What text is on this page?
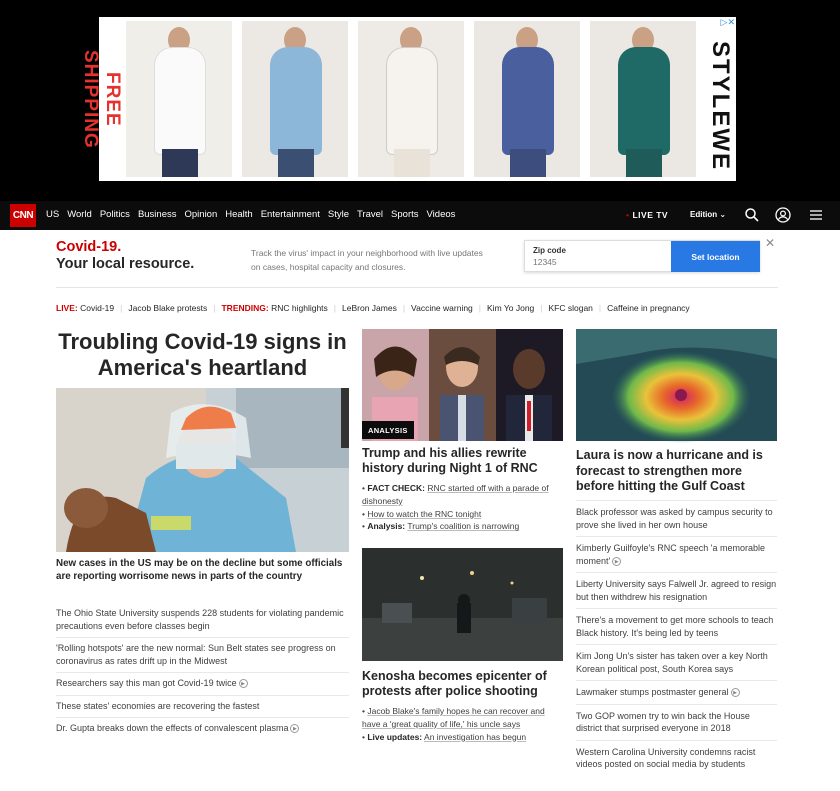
FREE SHIPPING	STYLEWE
▷✕
CNN	US World Politics Business Opinion Health Entertainment Style Travel Sports Videos	• LIVE TV	Edition ⌄
Covid-19.
Your local resource.
Track the virus' impact in your neighborhood with live updates on cases, hospital capacity and closures.
Zip code
12345
Set location
✕
LIVE:
Covid-19 | Jacob Blake protests | TRENDING:
RNC highlights | LeBron James | Vaccine warning | Kim Yo Jong | KFC slogan | Caffeine in pregnancy
Troubling Covid-19 signs in America's heartland
New cases in the US may be on the decline but some officials are reporting worrisome news in parts of the country
The Ohio State University suspends 228 students for violating pandemic precautions even before classes begin
'Rolling hotspots' are the new normal: Sun Belt states see progress on coronavirus as rates drift up in the Midwest
Researchers say this man got Covid-19 twice ▶
These states' economies are recovering the fastest
Dr. Gupta breaks down the effects of convalescent plasma ▶
ANALYSIS
Trump and his allies rewrite history during Night 1 of RNC
• FACT CHECK: RNC started off with a parade of dishonesty
• How to watch the RNC tonight
• Analysis: Trump's coalition is narrowing
Kenosha becomes epicenter of protests after police shooting
• Jacob Blake's family hopes he can recover and have a 'great quality of life,' his uncle says
• Live updates: An investigation has begun
Laura is now a hurricane and is forecast to strengthen more before hitting the Gulf Coast
Black professor was asked by campus security to prove she lived in her own house
Kimberly Guilfoyle's RNC speech 'a memorable moment' ▶
Liberty University says Falwell Jr. agreed to resign but then withdrew his resignation
There's a movement to get more schools to teach Black history. It's being led by teens
Kim Jong Un's sister has taken over a key North Korean political post, South Korea says
Lawmaker stumps postmaster general ▶
Two GOP women try to win back the House district that surprised everyone in 2018
Western Carolina University condemns racist videos posted on social media by students
